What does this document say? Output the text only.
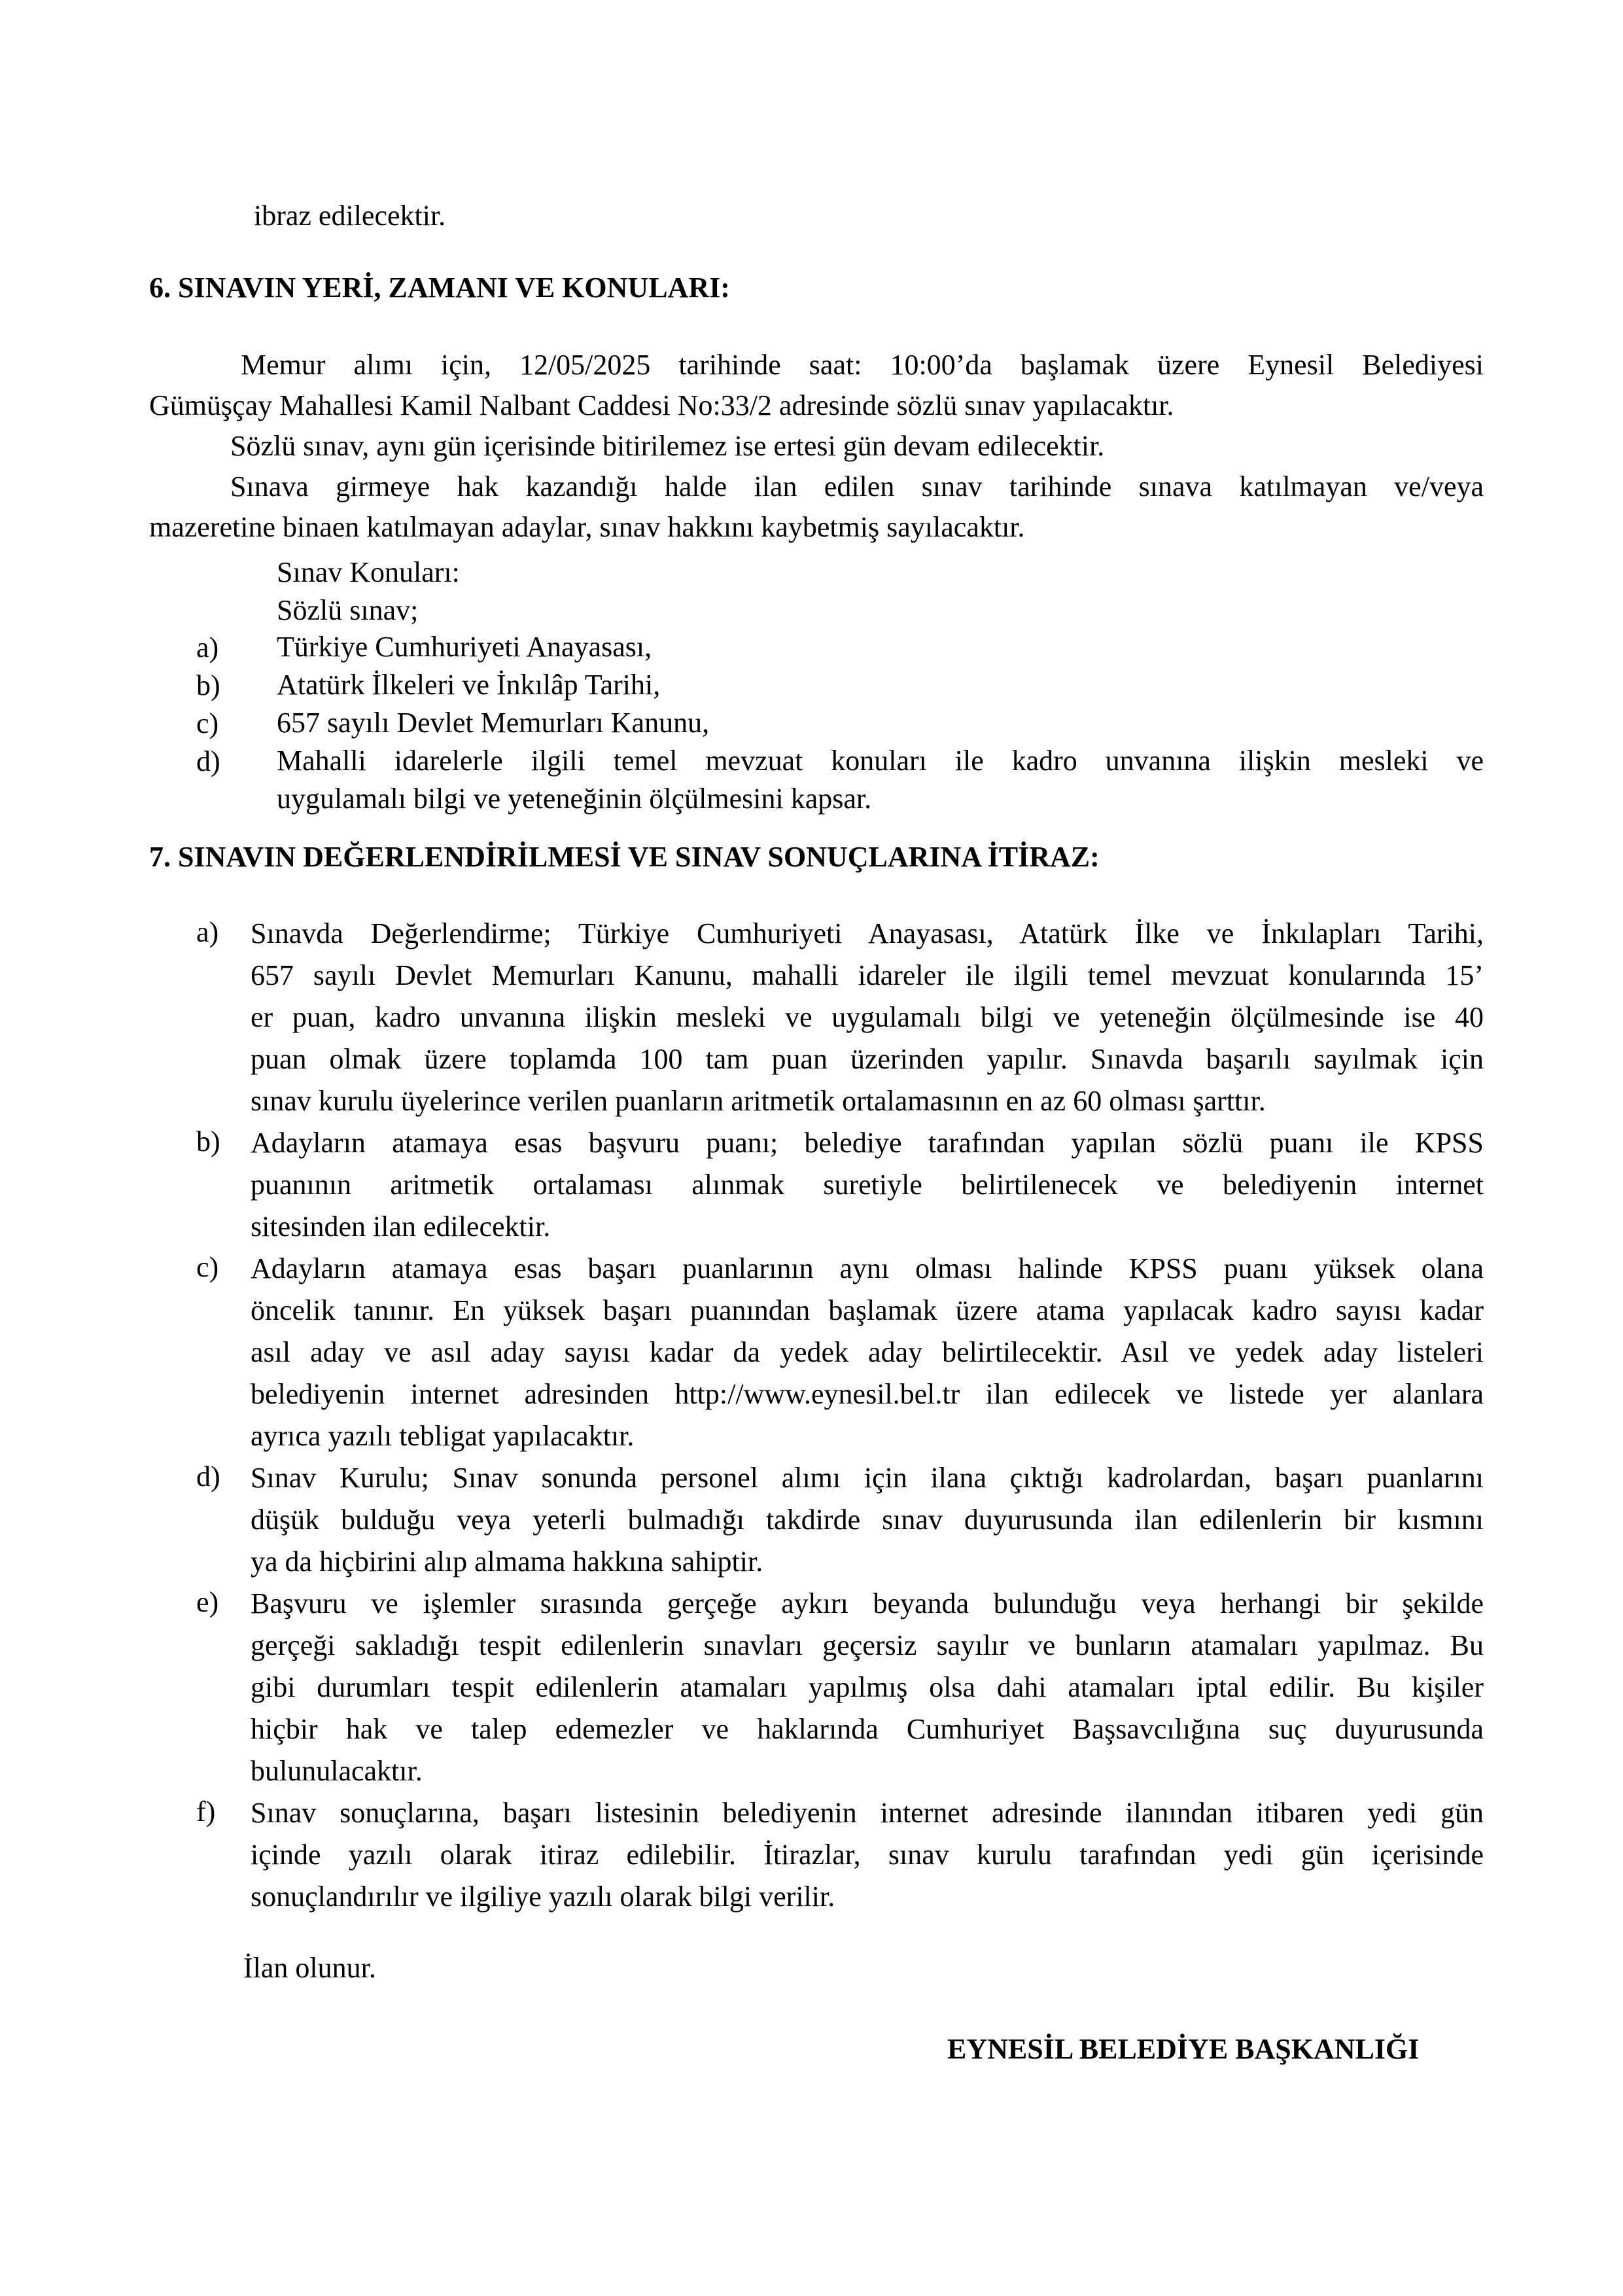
ibraz edilecektir.

6. SINAVIN YERİ, ZAMANI VE KONULARI:

Memur alımı için, 12/05/2025 tarihinde saat: 10:00’da başlamak üzere Eynesil Belediyesi

Gümüşçay Mahallesi Kamil Nalbant Caddesi No:33/2 adresinde sözlü sınav yapılacaktır.

Sözlü sınav, aynı gün içerisinde bitirilemez ise ertesi gün devam edilecektir.

Sınava girmeye hak kazandığı halde ilan edilen sınav tarihinde sınava katılmayan ve/veya

mazeretine binaen katılmayan adaylar, sınav hakkını kaybetmiş sayılacaktır.

Sınav Konuları:

Sözlü sınav;

a) Türkiye Cumhuriyeti Anayasası,
b) Atatürk İlkeleri ve İnkılâp Tarihi,
c) 657 sayılı Devlet Memurları Kanunu,
d) Mahalli idarelerle ilgili temel mevzuat konuları ile kadro unvanına ilişkin mesleki ve
uygulamalı bilgi ve yeteneğinin ölçülmesini kapsar.

7. SINAVIN DEĞERLENDİRİLMESİ VE SINAV SONUÇLARINA İTİRAZ:

a) Sınavda Değerlendirme; Türkiye Cumhuriyeti Anayasası, Atatürk İlke ve İnkılapları Tarihi,
657 sayılı Devlet Memurları Kanunu, mahalli idareler ile ilgili temel mevzuat konularında 15’
er puan, kadro unvanına ilişkin mesleki ve uygulamalı bilgi ve yeteneğin ölçülmesinde ise 40
puan olmak üzere toplamda 100 tam puan üzerinden yapılır. Sınavda başarılı sayılmak için
sınav kurulu üyelerince verilen puanların aritmetik ortalamasının en az 60 olması şarttır.
b) Adayların atamaya esas başvuru puanı; belediye tarafından yapılan sözlü puanı ile KPSS
puanının aritmetik ortalaması alınmak suretiyle belirtilenecek ve belediyenin internet
sitesinden ilan edilecektir.
c) Adayların atamaya esas başarı puanlarının aynı olması halinde KPSS puanı yüksek olana
öncelik tanınır. En yüksek başarı puanından başlamak üzere atama yapılacak kadro sayısı kadar
asıl aday ve asıl aday sayısı kadar da yedek aday belirtilecektir. Asıl ve yedek aday listeleri
belediyenin internet adresinden http://www.eynesil.bel.tr ilan edilecek ve listede yer alanlara
ayrıca yazılı tebligat yapılacaktır.
d) Sınav Kurulu; Sınav sonunda personel alımı için ilana çıktığı kadrolardan, başarı puanlarını
düşük bulduğu veya yeterli bulmadığı takdirde sınav duyurusunda ilan edilenlerin bir kısmını
ya da hiçbirini alıp almama hakkına sahiptir.
e) Başvuru ve işlemler sırasında gerçeğe aykırı beyanda bulunduğu veya herhangi bir şekilde
gerçeği sakladığı tespit edilenlerin sınavları geçersiz sayılır ve bunların atamaları yapılmaz. Bu
gibi durumları tespit edilenlerin atamaları yapılmış olsa dahi atamaları iptal edilir. Bu kişiler
hiçbir hak ve talep edemezler ve haklarında Cumhuriyet Başsavcılığına suç duyurusunda
bulunulacaktır.
f) Sınav sonuçlarına, başarı listesinin belediyenin internet adresinde ilanından itibaren yedi gün
içinde yazılı olarak itiraz edilebilir. İtirazlar, sınav kurulu tarafından yedi gün içerisinde
sonuçlandırılır ve ilgiliye yazılı olarak bilgi verilir.

İlan olunur.

EYNESİL BELEDİYE BAŞKANLIĞI
